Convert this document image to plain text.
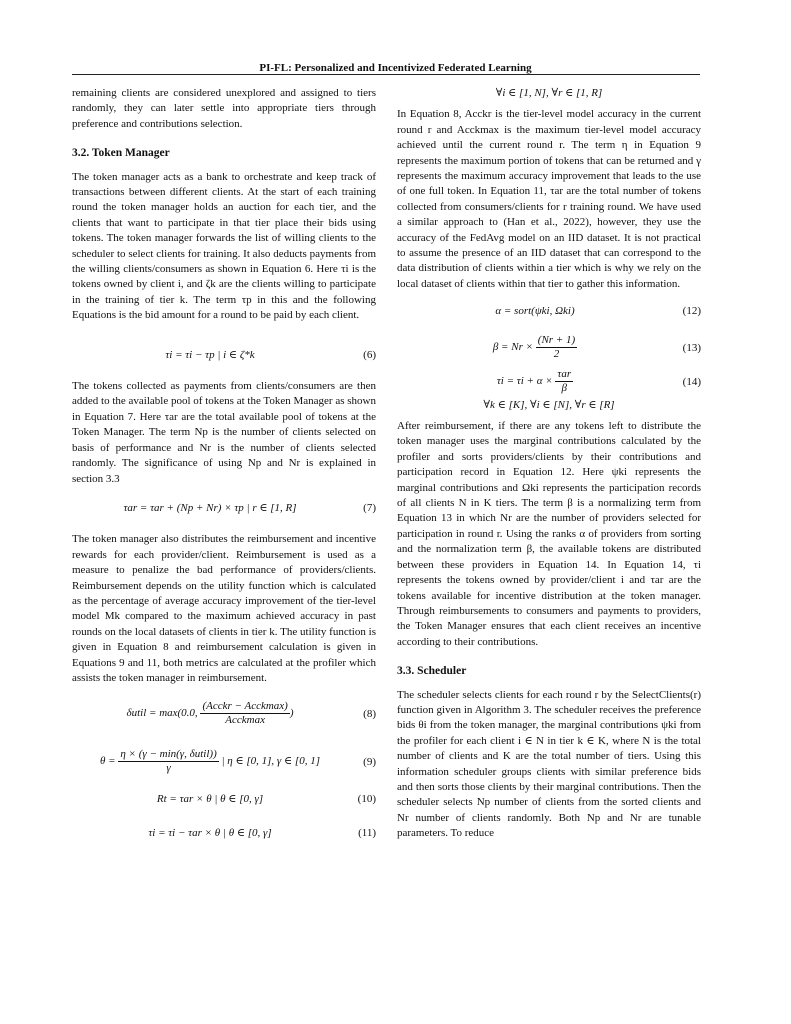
PI-FL: Personalized and Incentivized Federated Learning

remaining clients are considered unexplored and assigned to tiers randomly, they can later settle into appropriate tiers through preference and contributions selection.

3.2. Token Manager

The token manager acts as a bank to orchestrate and keep track of transactions between different clients. At the start of each training round the token manager holds an auction for each tier, and the clients that want to participate in that tier place their bids using tokens. The token manager forwards the list of willing clients to the scheduler to select clients for training. It also deducts payments from the willing clients/consumers as shown in Equation 6. Here τi is the tokens owned by client i, and ζk are the clients willing to participate in the training of tier k. The term τp in this and the following Equations is the bid amount for a round to be paid by each client.

τi = τi − τp | i ∈ ζ*k	(6)

The tokens collected as payments from clients/consumers are then added to the available pool of tokens at the Token Manager as shown in Equation 7. Here τar are the total available pool of tokens at the Token Manager. The term Np is the number of clients selected on basis of performance and Nr is the number of clients selected randomly. The significance of using Np and Nr is explained in section 3.3

τar = τar + (Np + Nr) × τp | r ∈ [1, R]	(7)

The token manager also distributes the reimbursement and incentive rewards for each provider/client. Reimbursement is used as a measure to penalize the bad performance of providers/clients. Reimbursement depends on the utility function which is calculated as the percentage of average accuracy improvement of the tier-level model Mk compared to the maximum achieved accuracy in past rounds on the local datasets of clients in tier k. The utility function is given in Equation 8 and reimbursement calculation is given in Equations 9 and 11, both metrics are calculated at the profiler which assists the token manager in reimbursement.

δutil = max(0.0, $\frac{\text{(Acckr − Acckmax)}}{\text{Acckmax}}$ )	(8)
$\theta = \frac{\text{η × (γ − min(γ, δutil))}}{\gamma}$ | η ∈ [0, 1], γ ∈ [0, 1]	(9)
Rt = τar × θ | θ ∈ [0, γ]	(10)
τi = τi − τar × θ | θ ∈ [0, γ]	(11)
∀i ∈ [1, N], ∀r ∈ [1, R]

In Equation 8, Acckr is the tier-level model accuracy in the current round r and Acckmax is the maximum tier-level model accuracy achieved until the current round r. The term η in Equation 9 represents the maximum portion of tokens that can be returned and γ represents the maximum accuracy improvement that leads to the use of one full token. In Equation 11, τar are the total number of tokens collected from consumers/clients for r training round. We have used a similar approach to (Han et al., 2022), however, they use the accuracy of the FedAvg model on an IID dataset. It is not practical to assume the presence of an IID dataset that can correspond to the data distribution of clients within a tier which is why we rely on the local dataset of clients within that tier to gather this information.

α = sort(ψki, Ωki)	(12)
$\beta = Nr \times \frac{(Nr + 1)}{2}$	(13)
$\tau i = \tau i + \alpha \times \frac{\text{τar}}{\beta}$	(14)
∀k ∈ [K], ∀i ∈ [N], ∀r ∈ [R]

After reimbursement, if there are any tokens left to distribute the token manager uses the marginal contributions calculated by the profiler and sorts providers/clients by their contributions and participation record in Equation 12. Here ψki represents the marginal contributions and Ωki represents the participation records of all clients N in K tiers. The term β is a normalizing term from Equation 13 in which Nr are the number of providers selected for participation in round r. Using the ranks α of providers from sorting and the normalization term β, the available tokens are distributed between these providers in Equation 14. In Equation 14, τi represents the tokens owned by provider/client i and τar are the tokens available for incentive distribution at the token manager. Through reimbursements to consumers and payments to providers, the Token Manager ensures that each client receives an incentive according to their contributions.

3.3. Scheduler

The scheduler selects clients for each round r by the SelectClients(r) function given in Algorithm 3. The scheduler receives the preference bids θi from the token manager, the marginal contributions ψki from the profiler for each client i ∈ N in tier k ∈ K, where N is the total number of clients and K are the total number of tiers. Using this information scheduler groups clients with similar preference bids and then sorts those clients by their marginal contributions. Then the scheduler selects Np number of clients from the sorted clients and Nr number of clients randomly. Both Np and Nr are tunable parameters. To reduce
